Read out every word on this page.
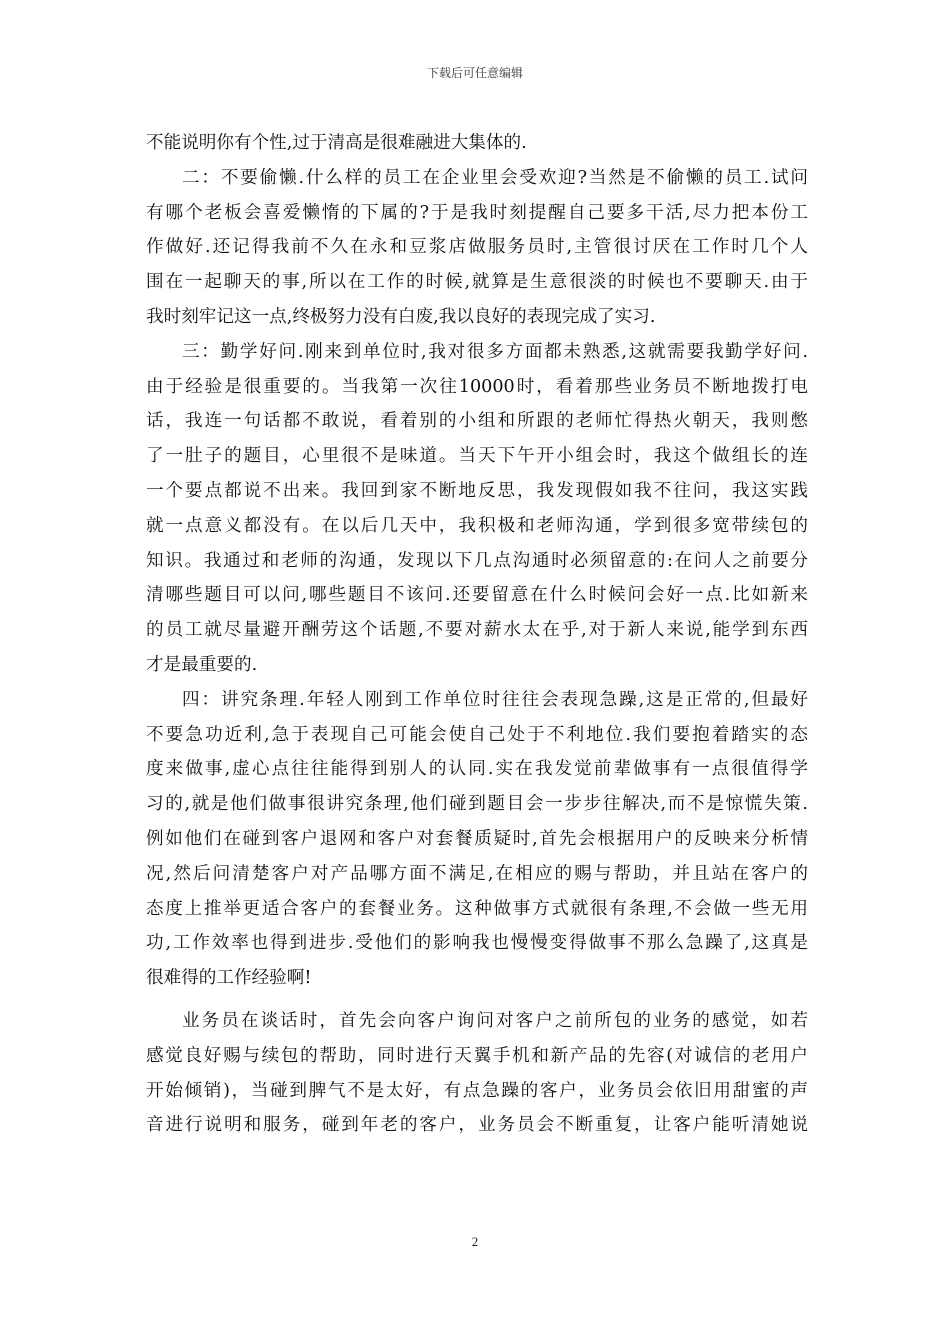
下载后可任意编辑
不能说明你有个性,过于清高是很难融进大集体的.
二：不要偷懒.什么样的员工在企业里会受欢迎?当然是不偷懒的员工.试问
有哪个老板会喜爱懒惰的下属的?于是我时刻提醒自己要多干活,尽力把本份工
作做好.还记得我前不久在永和豆浆店做服务员时,主管很讨厌在工作时几个人
围在一起聊天的事,所以在工作的时候,就算是生意很淡的时候也不要聊天.由于
我时刻牢记这一点,终极努力没有白废,我以良好的表现完成了实习.
三：勤学好问.刚来到单位时,我对很多方面都未熟悉,这就需要我勤学好问.
由于经验是很重要的。当我第一次往10000时，看着那些业务员不断地拨打电
话，我连一句话都不敢说，看着别的小组和所跟的老师忙得热火朝天，我则憋
了一肚子的题目，心里很不是味道。当天下午开小组会时，我这个做组长的连
一个要点都说不出来。我回到家不断地反思，我发现假如我不往问，我这实践
就一点意义都没有。在以后几天中，我积极和老师沟通，学到很多宽带续包的
知识。我通过和老师的沟通，发现以下几点沟通时必须留意的:在问人之前要分
清哪些题目可以问,哪些题目不该问.还要留意在什么时候问会好一点.比如新来
的员工就尽量避开酬劳这个话题,不要对薪水太在乎,对于新人来说,能学到东西
才是最重要的.
四：讲究条理.年轻人刚到工作单位时往往会表现急躁,这是正常的,但最好
不要急功近利,急于表现自己可能会使自己处于不利地位.我们要抱着踏实的态
度来做事,虚心点往往能得到别人的认同.实在我发觉前辈做事有一点很值得学
习的,就是他们做事很讲究条理,他们碰到题目会一步步往解决,而不是惊慌失策.
例如他们在碰到客户退网和客户对套餐质疑时,首先会根据用户的反映来分析情
况,然后问清楚客户对产品哪方面不满足,在相应的赐与帮助，并且站在客户的
态度上推举更适合客户的套餐业务。这种做事方式就很有条理,不会做一些无用
功,工作效率也得到进步.受他们的影响我也慢慢变得做事不那么急躁了,这真是
很难得的工作经验啊!
业务员在谈话时，首先会向客户询问对客户之前所包的业务的感觉，如若
感觉良好赐与续包的帮助，同时进行天翼手机和新产品的先容(对诚信的老用户
开始倾销)，当碰到脾气不是太好，有点急躁的客户，业务员会依旧用甜蜜的声
音进行说明和服务，碰到年老的客户，业务员会不断重复，让客户能听清她说
2
